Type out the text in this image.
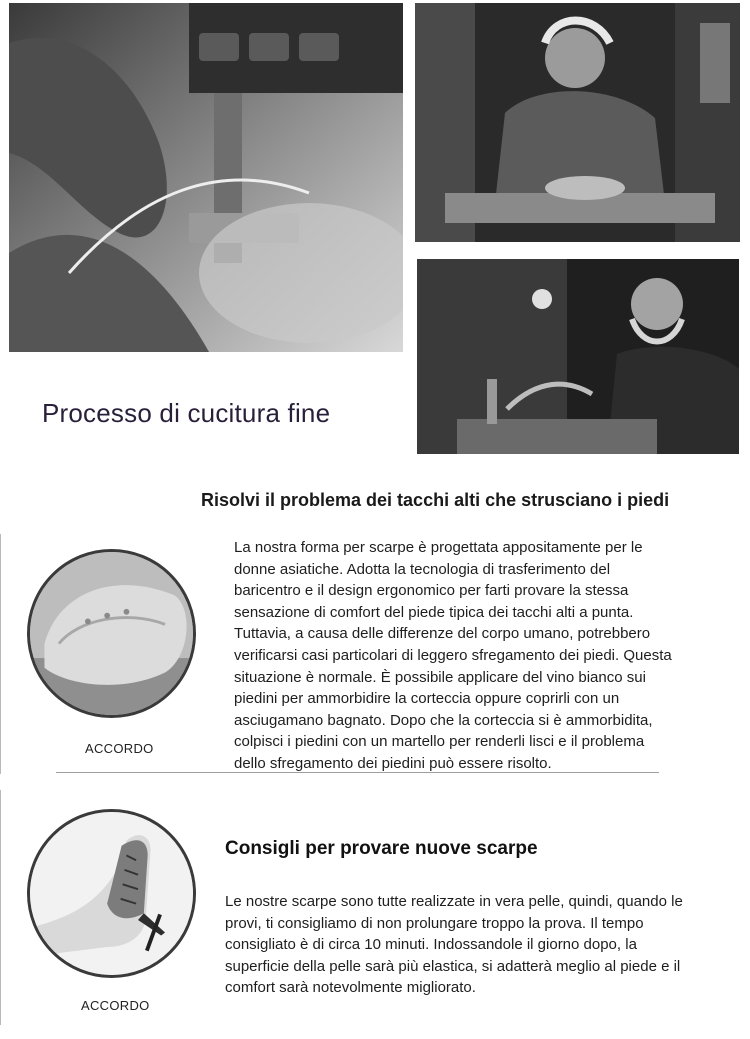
Processo di cucitura fine
Risolvi il problema dei tacchi alti che strusciano i piedi
ACCORDO
La nostra forma per scarpe è progettata appositamente per le
donne asiatiche. Adotta la tecnologia di trasferimento del
baricentro e il design ergonomico per farti provare la stessa
sensazione di comfort del piede tipica dei tacchi alti a punta.
Tuttavia, a causa delle differenze del corpo umano, potrebbero
verificarsi casi particolari di leggero sfregamento dei piedi. Questa
situazione è normale. È possibile applicare del vino bianco sui
piedini per ammorbidire la corteccia oppure coprirli con un
asciugamano bagnato. Dopo che la corteccia si è ammorbidita,
colpisci i piedini con un martello per renderli lisci e il problema
dello sfregamento dei piedini può essere risolto.
ACCORDO
Consigli per provare nuove scarpe
Le nostre scarpe sono tutte realizzate in vera pelle, quindi, quando le
provi, ti consigliamo di non prolungare troppo la prova. Il tempo
consigliato è di circa 10 minuti. Indossandole il giorno dopo, la
superficie della pelle sarà più elastica, si adatterà meglio al piede e il
comfort sarà notevolmente migliorato.
